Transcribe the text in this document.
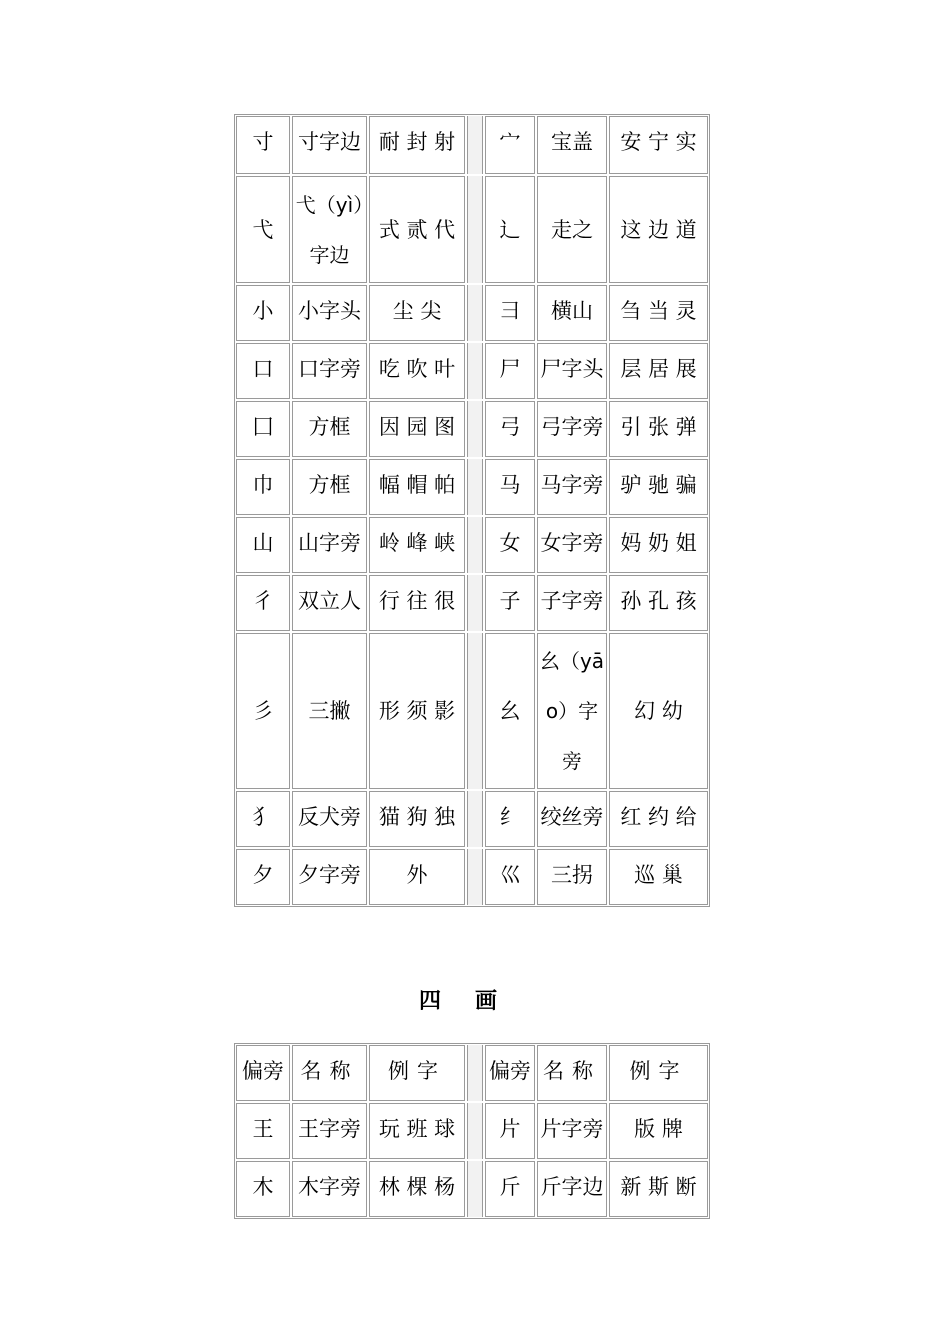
寸 寸字边 耐 封 射 宀 宝盖 安 宁 实
弋
弋（yì）字边
式 贰 代 辶 走之 这 边 道
小 小字头 尘 尖	彐 横山 刍 当 灵
口 口字旁 吃 吹 叶 尸 尸字头 层 居 展
囗 方框 因 园 图 弓 弓字旁 引 张 弹
巾 方框 幅 帽 帕 马 马字旁 驴 驰 骗
山 山字旁 岭 峰 峡 女 女字旁 妈 奶 姐
彳 双立人 行 往 很 子 子字旁 孙 孔 孩
彡 三撇 形 须 影 幺
幺（yāo）字旁
幻 幼
犭 反犬旁 猫 狗 独 纟 绞丝旁 红 约 给
夕 夕字旁 外	巛 三拐 巡 巢
四画
偏旁 名称 例字 偏旁 名称 例字
王 王字旁 玩 班 球 片 片字旁 版 牌
木 木字旁 林 棵 杨 斤 斤字边 新 斯 断
